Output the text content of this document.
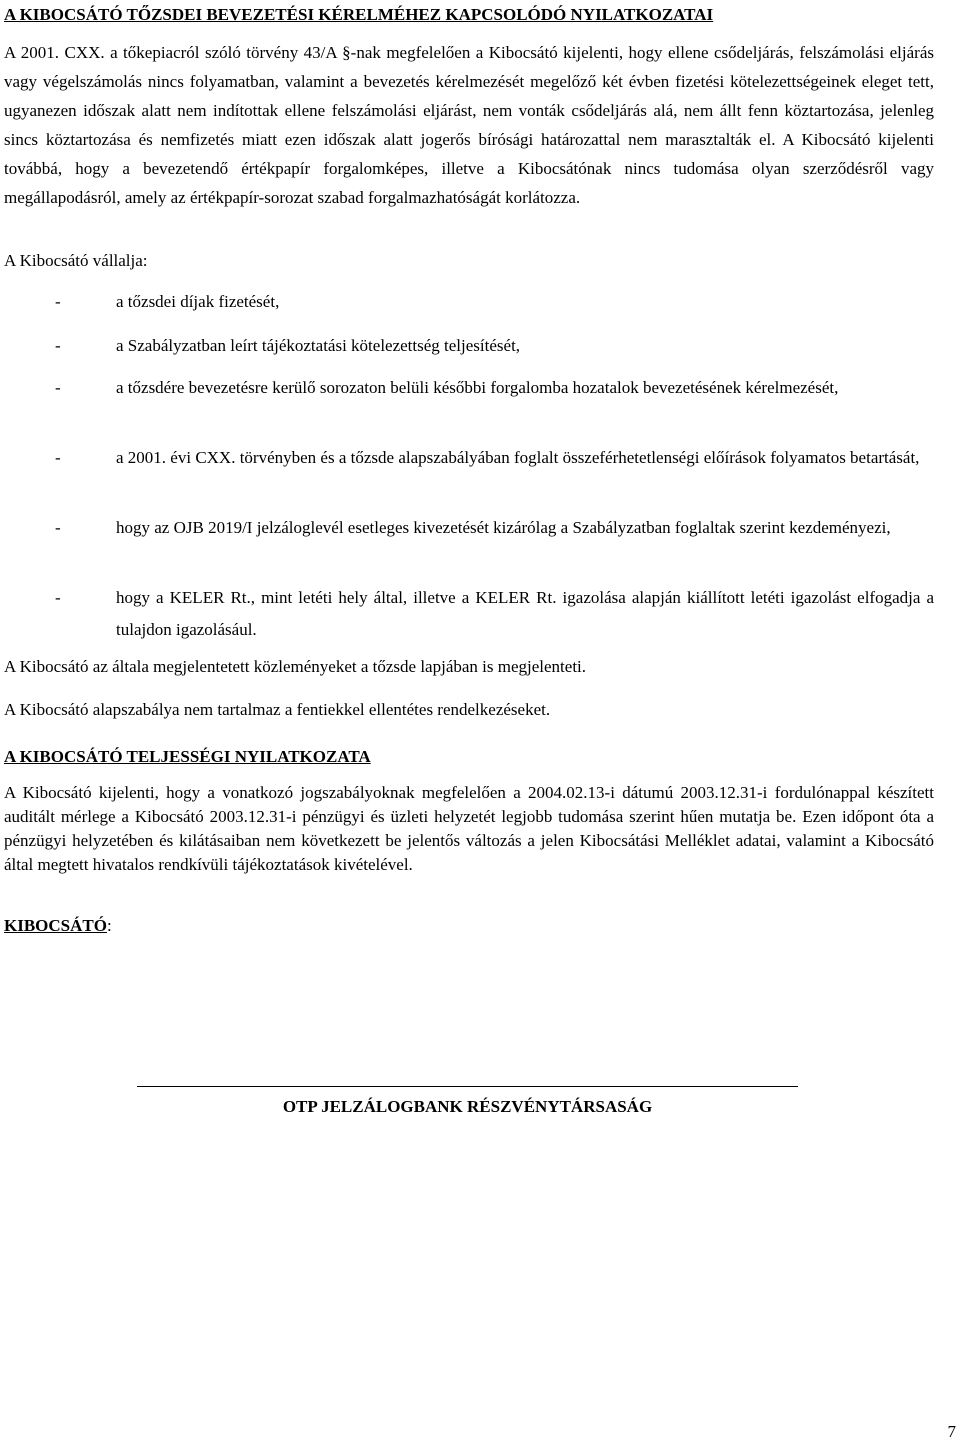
A KIBOCSÁTÓ TŐZSDEI BEVEZETÉSI KÉRELMÉHEZ KAPCSOLÓDÓ NYILATKOZATAI
A 2001. CXX. a tőkepiacról szóló törvény 43/A §-nak megfelelően a Kibocsátó kijelenti, hogy ellene csődeljárás, felszámolási eljárás vagy végelszámolás nincs folyamatban, valamint a bevezetés kérelmezését megelőző két évben fizetési kötelezettségeinek eleget tett, ugyanezen időszak alatt nem indítottak ellene felszámolási eljárást, nem vonták csődeljárás alá, nem állt fenn köztartozása, jelenleg sincs köztartozása és nemfizetés miatt ezen időszak alatt jogerős bírósági határozattal nem marasztalták el. A Kibocsátó kijelenti továbbá, hogy a bevezetendő értékpapír forgalomképes, illetve a Kibocsátónak nincs tudomása olyan szerződésről vagy megállapodásról, amely az értékpapír-sorozat szabad forgalmazhatóságát korlátozza.
A Kibocsátó vállalja:
-	a tőzsdei díjak fizetését,
-	a Szabályzatban leírt tájékoztatási kötelezettség teljesítését,
-	a tőzsdére bevezetésre kerülő sorozaton belüli későbbi forgalomba hozatalok bevezetésének kérelmezését,
-	a 2001. évi CXX. törvényben és a tőzsde alapszabályában foglalt összeférhetetlenségi előírások folyamatos betartását,
-	hogy az OJB 2019/I jelzáloglevél esetleges kivezetését kizárólag a Szabályzatban foglaltak szerint kezdeményezi,
-	hogy a KELER Rt., mint letéti hely által, illetve a KELER Rt. igazolása alapján kiállított letéti igazolást elfogadja a tulajdon igazolásául.
A Kibocsátó az általa megjelentetett közleményeket a tőzsde lapjában is megjelenteti.
A Kibocsátó alapszabálya nem tartalmaz a fentiekkel ellentétes rendelkezéseket.
A KIBOCSÁTÓ TELJESSÉGI NYILATKOZATA
A Kibocsátó kijelenti, hogy a vonatkozó jogszabályoknak megfelelően a 2004.02.13-i dátumú 2003.12.31-i fordulónappal készített auditált mérlege a Kibocsátó 2003.12.31-i pénzügyi és üzleti helyzetét legjobb tudomása szerint hűen mutatja be. Ezen időpont óta a pénzügyi helyzetében és kilátásaiban nem következett be jelentős változás a jelen Kibocsátási Melléklet adatai, valamint a Kibocsátó által megtett hivatalos rendkívüli tájékoztatások kivételével.
KIBOCSÁTÓ:
OTP JELZÁLOGBANK RÉSZVÉNYTÁRSASÁG
7
